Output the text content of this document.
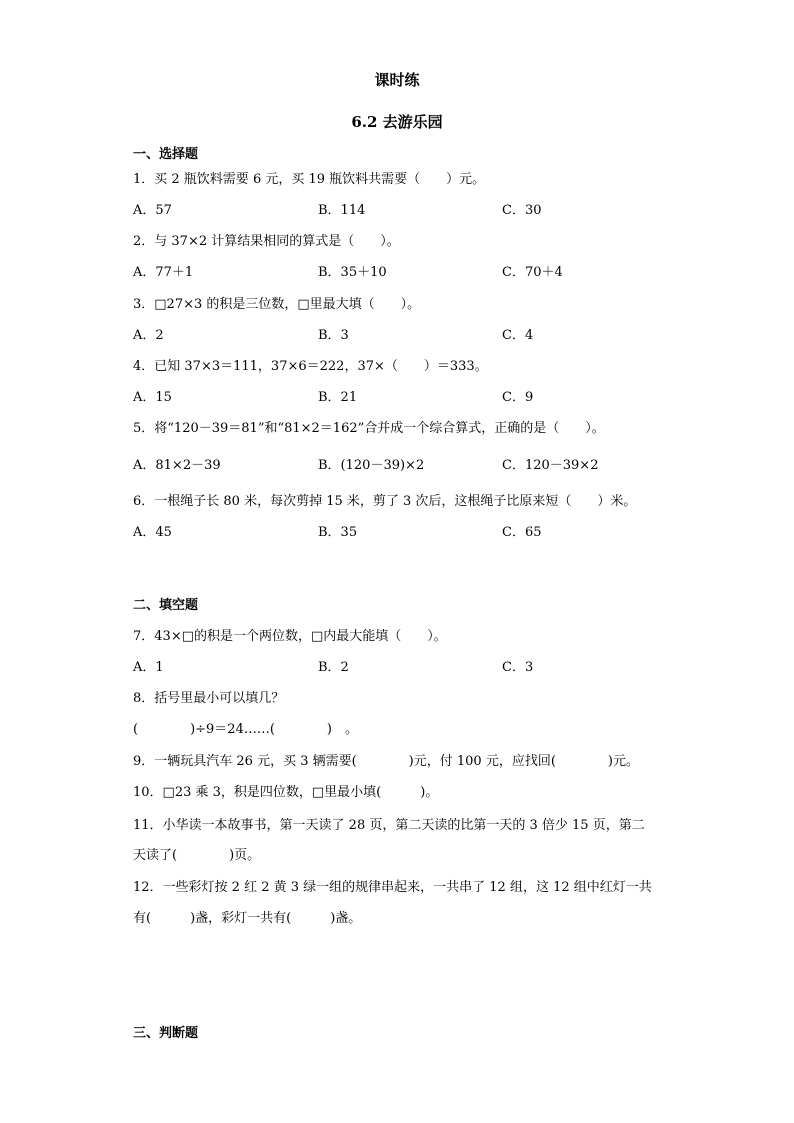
课时练
6.2 去游乐园
一、选择题
1．买 2 瓶饮料需要 6 元，买 19 瓶饮料共需要（　　）元。
A．57	B．114	C．30
2．与 37×2 计算结果相同的算式是（　　）。
A．77＋1	B．35＋10	C．70＋4
3．□27×3 的积是三位数，□里最大填（　　）。
A．2	B．3	C．4
4．已知 37×3＝111，37×6＝222，37×（　　）＝333。
A．15	B．21	C．9
5．将“120－39＝81”和“81×2＝162”合并成一个综合算式，正确的是（　　）。
A．81×2－39	B．(120－39)×2	C．120－39×2
6．一根绳子长 80 米，每次剪掉 15 米，剪了 3 次后，这根绳子比原来短（　　）米。
A．45	B．35	C．65
二、填空题
7．43×□的积是一个两位数，□内最大能填（　　）。
A．1	B．2	C．3
8．括号里最小可以填几？
(　　　　)÷9＝24……(　　　　)　。
9．一辆玩具汽车 26 元，买 3 辆需要(　　　　)元，付 100 元，应找回(　　　　)元。
10．□23 乘 3，积是四位数，□里最小填(　　　)。
11．小华读一本故事书，第一天读了 28 页，第二天读的比第一天的 3 倍少 15 页，第二
天读了(　　　　)页。
12．一些彩灯按 2 红 2 黄 3 绿一组的规律串起来，一共串了 12 组，这 12 组中红灯一共
有(　　　)盏，彩灯一共有(　　　)盏。
三、判断题
